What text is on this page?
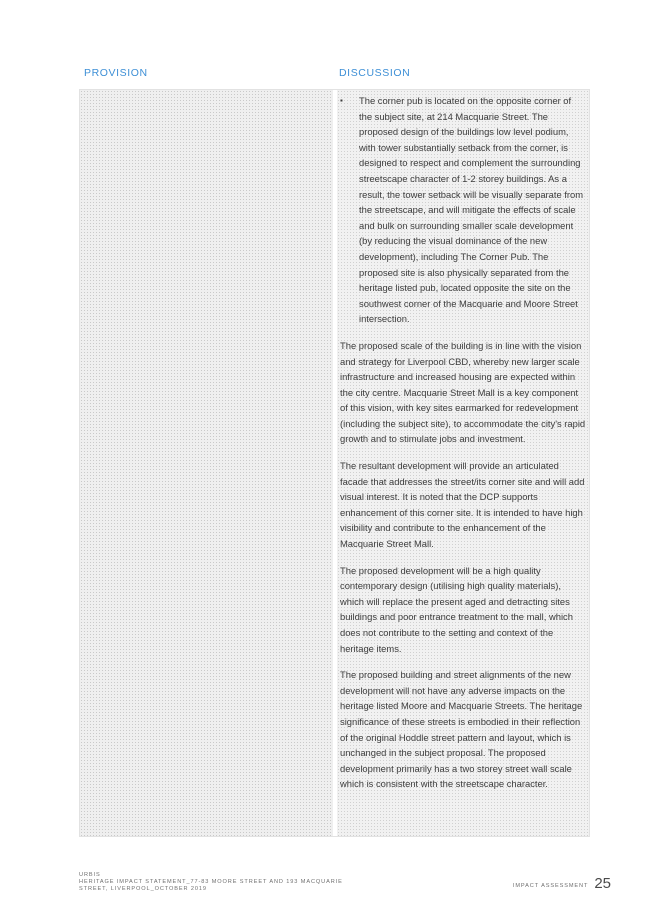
PROVISION	DISCUSSION
▪ The corner pub is located on the opposite corner of the subject site, at 214 Macquarie Street. The proposed design of the buildings low level podium, with tower substantially setback from the corner, is designed to respect and complement the surrounding streetscape character of 1-2 storey buildings. As a result, the tower setback will be visually separate from the streetscape, and will mitigate the effects of scale and bulk on surrounding smaller scale development (by reducing the visual dominance of the new development), including The Corner Pub. The proposed site is also physically separated from the heritage listed pub, located opposite the site on the southwest corner of the Macquarie and Moore Street intersection.

The proposed scale of the building is in line with the vision and strategy for Liverpool CBD, whereby new larger scale infrastructure and increased housing are expected within the city centre. Macquarie Street Mall is a key component of this vision, with key sites earmarked for redevelopment (including the subject site), to accommodate the city's rapid growth and to stimulate jobs and investment.

The resultant development will provide an articulated facade that addresses the street/its corner site and will add visual interest. It is noted that the DCP supports enhancement of this corner site. It is intended to have high visibility and contribute to the enhancement of the Macquarie Street Mall.

The proposed development will be a high quality contemporary design (utilising high quality materials), which will replace the present aged and detracting sites buildings and poor entrance treatment to the mall, which does not contribute to the setting and context of the heritage items.

The proposed building and street alignments of the new development will not have any adverse impacts on the heritage listed Moore and Macquarie Streets. The heritage significance of these streets is embodied in their reflection of the original Hoddle street pattern and layout, which is unchanged in the subject proposal. The proposed development primarily has a two storey street wall scale which is consistent with the streetscape character.

URBIS
HERITAGE IMPACT STATEMENT_77-83 MOORE STREET AND 193 MACQUARIE
STREET, LIVERPOOL_OCTOBER 2019	IMPACT ASSESSMENT 25
